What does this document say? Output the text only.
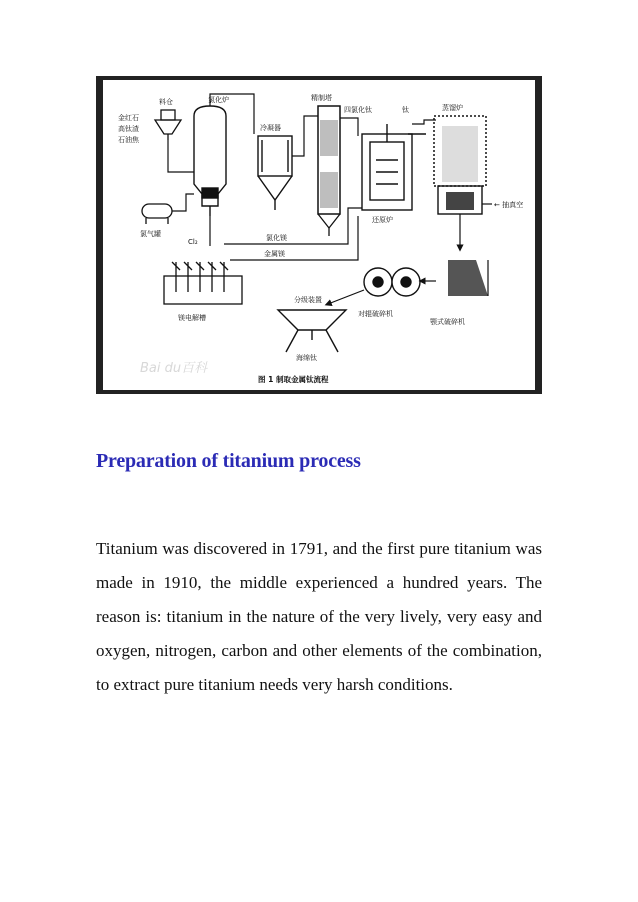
料仓
金红石
高钛渣
石油焦
氯化炉
冷凝器
精制塔
四氯化钛	钛
还原炉
蒸馏炉
← 抽真空
颚式破碎机
对辊破碎机
分级装置
海绵钛
氯气罐
Cl₂	氯化镁
金属镁
镁电解槽
Bai du百科
图 1 制取金属钛流程
Preparation of titanium process

Titanium was discovered in 1791, and the first pure titanium was made in 1910, the middle experienced a hundred years. The reason is: titanium in the nature of the very lively, very easy and oxygen, nitrogen, carbon and other elements of the combination, to extract pure titanium needs very harsh conditions.
